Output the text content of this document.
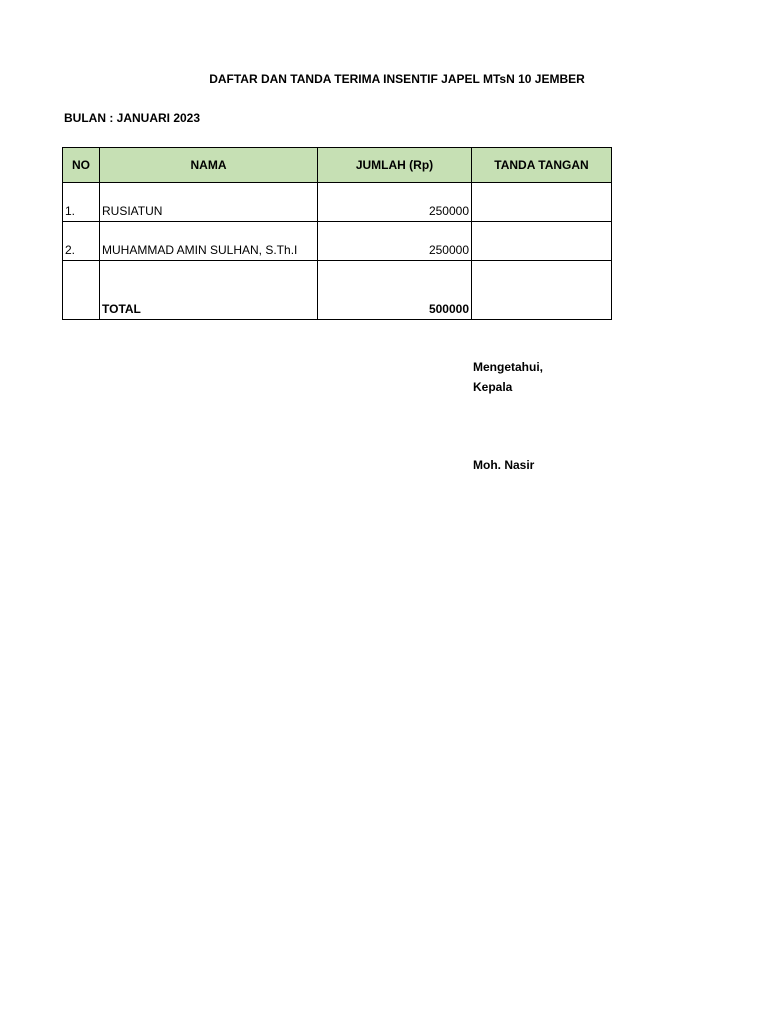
DAFTAR DAN TANDA TERIMA INSENTIF JAPEL MTsN 10 JEMBER
BULAN : JANUARI 2023
NO	NAMA	JUMLAH (Rp)	TANDA TANGAN
1.	RUSIATUN	250000	
2.	MUHAMMAD AMIN SULHAN, S.Th.I	250000	
	TOTAL	500000	
Mengetahui,
Kepala
Moh. Nasir
